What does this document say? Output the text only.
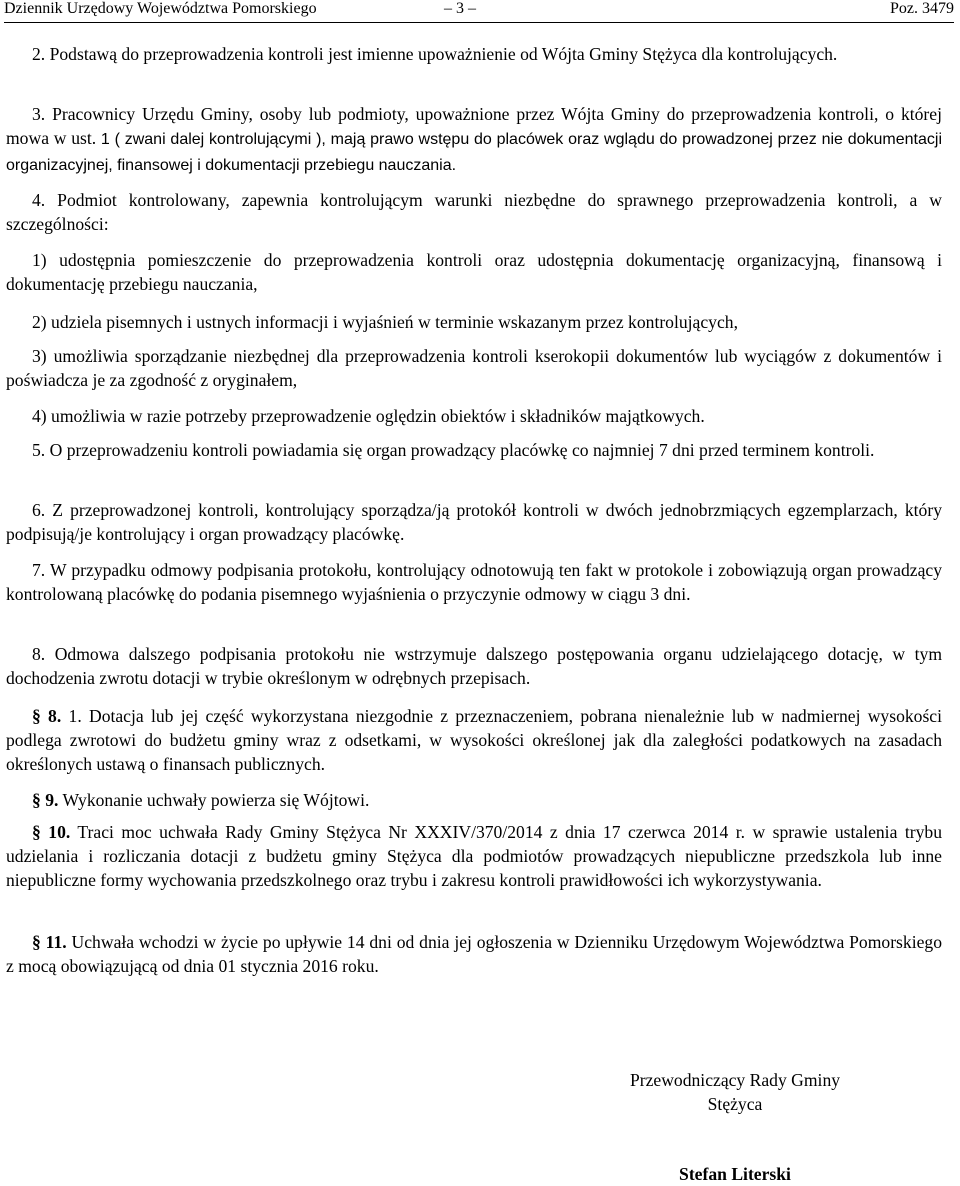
Dziennik Urzędowy Województwa Pomorskiego	– 3 –	Poz. 3479

2. Podstawą do przeprowadzenia kontroli jest imienne upoważnienie od Wójta Gminy Stężyca dla kontrolujących.

3. Pracownicy Urzędu Gminy, osoby lub podmioty, upoważnione przez Wójta Gminy do przeprowadzenia kontroli, o której mowa w ust. 1 ( zwani dalej kontrolującymi ), mają prawo wstępu do placówek oraz wglądu do prowadzonej przez nie dokumentacji organizacyjnej, finansowej i dokumentacji przebiegu nauczania.

4. Podmiot kontrolowany, zapewnia kontrolującym warunki niezbędne do sprawnego przeprowadzenia kontroli, a w szczególności:

1) udostępnia pomieszczenie do przeprowadzenia kontroli oraz udostępnia dokumentację organizacyjną, finansową i dokumentację przebiegu nauczania,

2) udziela pisemnych i ustnych informacji i wyjaśnień w terminie wskazanym przez kontrolujących,

3) umożliwia sporządzanie niezbędnej dla przeprowadzenia kontroli kserokopii dokumentów lub wyciągów z dokumentów i poświadcza je za zgodność z oryginałem,

4) umożliwia w razie potrzeby przeprowadzenie oględzin obiektów i składników majątkowych.

5. O przeprowadzeniu kontroli powiadamia się organ prowadzący placówkę co najmniej 7 dni przed terminem kontroli.

6. Z przeprowadzonej kontroli, kontrolujący sporządza/ją protokół kontroli w dwóch jednobrzmiących egzemplarzach, który podpisują/je kontrolujący i organ prowadzący placówkę.

7. W przypadku odmowy podpisania protokołu, kontrolujący odnotowują ten fakt w protokole i zobowiązują organ prowadzący kontrolowaną placówkę do podania pisemnego wyjaśnienia o przyczynie odmowy w ciągu 3 dni.

8. Odmowa dalszego podpisania protokołu nie wstrzymuje dalszego postępowania organu udzielającego dotację, w tym dochodzenia zwrotu dotacji w trybie określonym w odrębnych przepisach.

§ 8. 1. Dotacja lub jej część wykorzystana niezgodnie z przeznaczeniem, pobrana nienależnie lub w nadmiernej wysokości podlega zwrotowi do budżetu gminy wraz z odsetkami, w wysokości określonej jak dla zaległości podatkowych na zasadach określonych ustawą o finansach publicznych.

§ 9. Wykonanie uchwały powierza się Wójtowi.

§ 10. Traci moc uchwała Rady Gminy Stężyca Nr XXXIV/370/2014 z dnia 17 czerwca 2014 r. w sprawie ustalenia trybu udzielania i rozliczania dotacji z budżetu gminy Stężyca dla podmiotów prowadzących niepubliczne przedszkola lub inne niepubliczne formy wychowania przedszkolnego oraz trybu i zakresu kontroli prawidłowości ich wykorzystywania.

§ 11. Uchwała wchodzi w życie po upływie 14 dni od dnia jej ogłoszenia w Dzienniku Urzędowym Województwa Pomorskiego z mocą obowiązującą od dnia 01 stycznia 2016 roku.

Przewodniczący Rady Gminy
Stężyca
Stefan Literski
